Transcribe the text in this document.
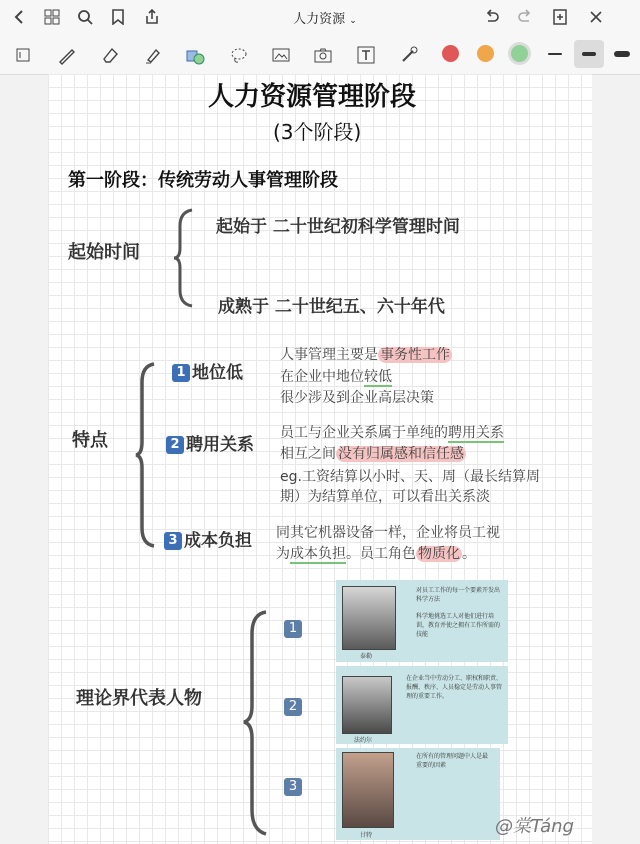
人力资源 ⌄
人力资源管理阶段
(3个阶段)
第一阶段：传统劳动人事管理阶段
起始时间
起始于 二十世纪初科学管理时间
成熟于 二十世纪五、六十年代
特点
1 地位低
人事管理主要是 事务性工作
在企业中地位较低
很少涉及到企业高层决策
2 聘用关系
员工与企业关系属于单纯的聘用关系
相互之间 没有归属感和信任感
eg.工资结算以小时、天、周（最长结算周
期）为结算单位，可以看出关系淡
3 成本负担 同其它机器设备一样，企业将员工视
为成本负担。员工角色 物质化 。
理论界代表人物
1
2
3
泰勒
对员工工作的每一个要素开发出科学方法
科学地挑选工人对他们进行培训，教育并使之拥有工作所需的技能
法约尔
在企业当中劳动分工、职权和职责、报酬、秩序、人员稳定是劳动人事管理的重要工作。
甘特
在所有的管理问题中人是最重要的因素
@棠Táng
